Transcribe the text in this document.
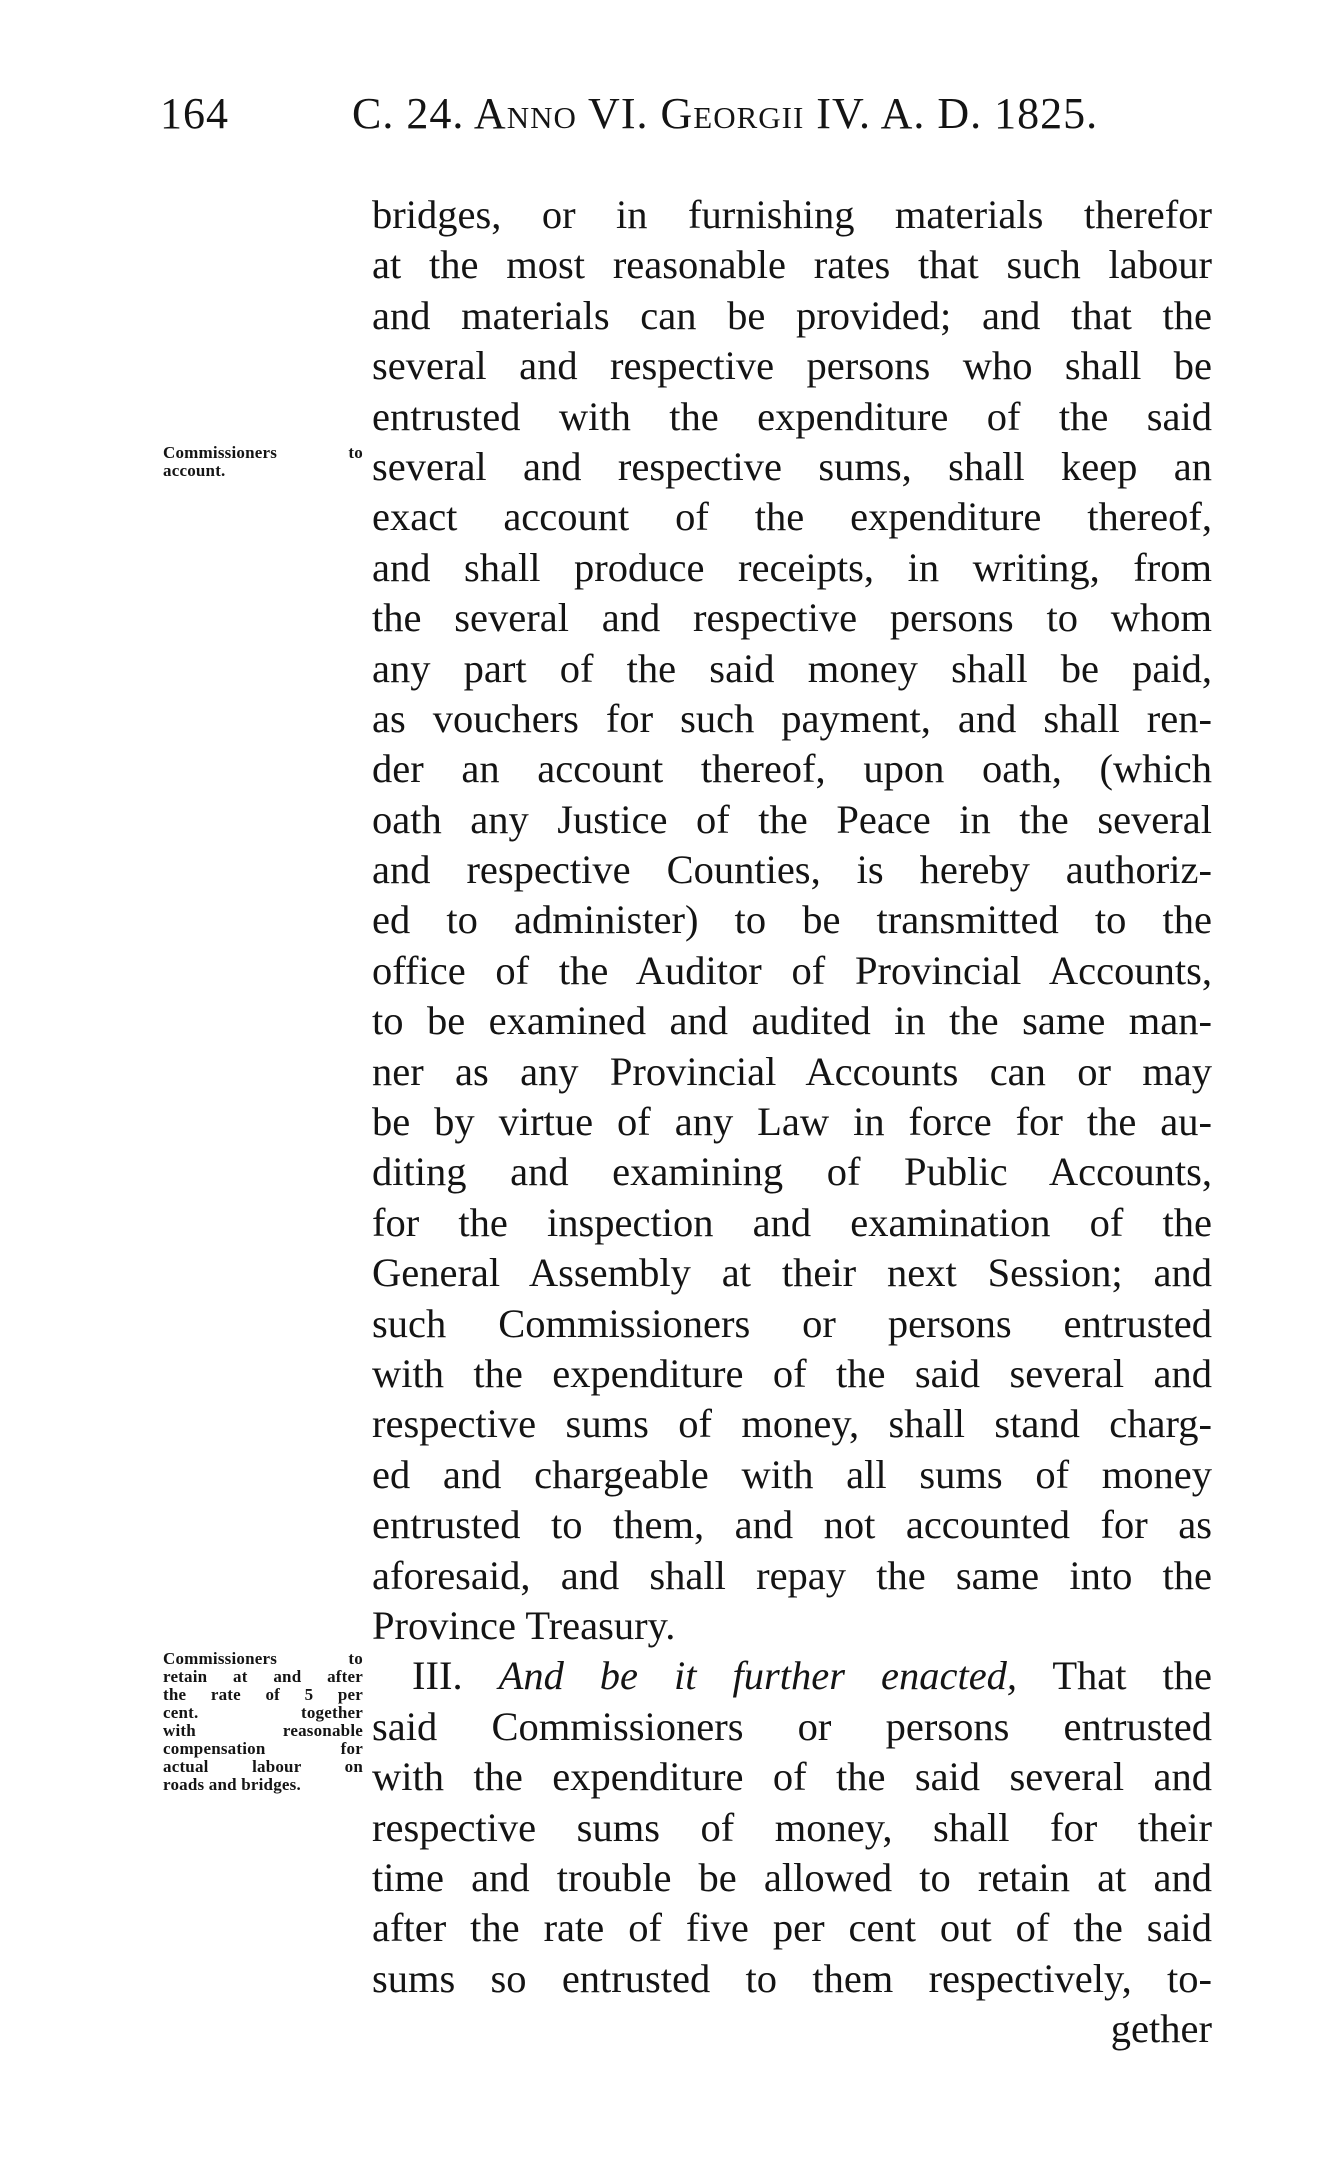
164	C. 24. Anno VI. Georgii IV. A. D. 1825.
Commissioners to
account.
Commissioners to
retain at and after
the rate of 5 per
cent. together
with reasonable
compensation for
actual labour on
roads and bridges.
bridges, or in furnishing materials therefor
at the most reasonable rates that such labour
and materials can be provided; and that the
several and respective persons who shall be
entrusted with the expenditure of the said
several and respective sums, shall keep an
exact account of the expenditure thereof,
and shall produce receipts, in writing, from
the several and respective persons to whom
any part of the said money shall be paid,
as vouchers for such payment, and shall ren-
der an account thereof, upon oath, (which
oath any Justice of the Peace in the several
and respective Counties, is hereby authoriz-
ed to administer) to be transmitted to the
office of the Auditor of Provincial Accounts,
to be examined and audited in the same man-
ner as any Provincial Accounts can or may
be by virtue of any Law in force for the au-
diting and examining of Public Accounts,
for the inspection and examination of the
General Assembly at their next Session; and
such Commissioners or persons entrusted
with the expenditure of the said several and
respective sums of money, shall stand charg-
ed and chargeable with all sums of money
entrusted to them, and not accounted for as
aforesaid, and shall repay the same into the
Province Treasury.
III. And be it further enacted, That the
said Commissioners or persons entrusted
with the expenditure of the said several and
respective sums of money, shall for their
time and trouble be allowed to retain at and
after the rate of five per cent out of the said
sums so entrusted to them respectively, to-
gether
